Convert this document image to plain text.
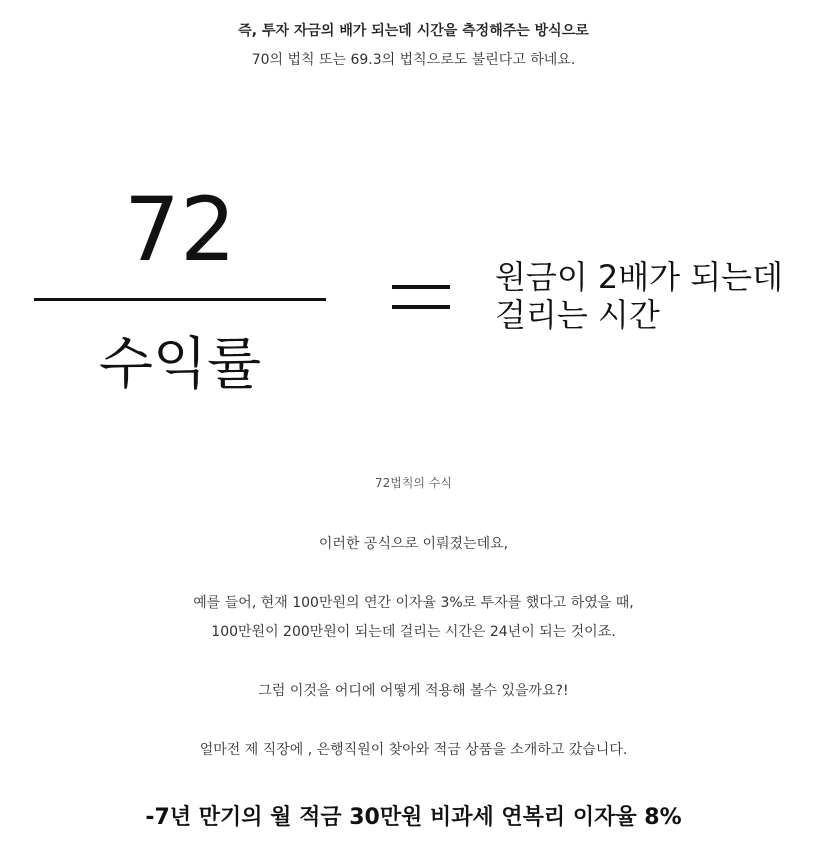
즉, 투자 자금의 배가 되는데 시간을 측정해주는 방식으로
70의 법칙 또는 69.3의 법칙으로도 불린다고 하네요.
72
수익률
원금이 2배가 되는데
걸리는 시간
72법칙의 수식
이러한 공식으로 이뤄졌는데요,
예를 들어, 현재 100만원의 연간 이자율 3%로 투자를 했다고 하였을 때,
100만원이 200만원이 되는데 걸리는 시간은 24년이 되는 것이죠.
그럼 이것을 어디에 어떻게 적용해 볼수 있을까요?!
얼마전 제 직장에 , 은행직원이 찾아와 적금 상품을 소개하고 갔습니다.
-7년 만기의 월 적금 30만원 비과세 연복리 이자율 8%
